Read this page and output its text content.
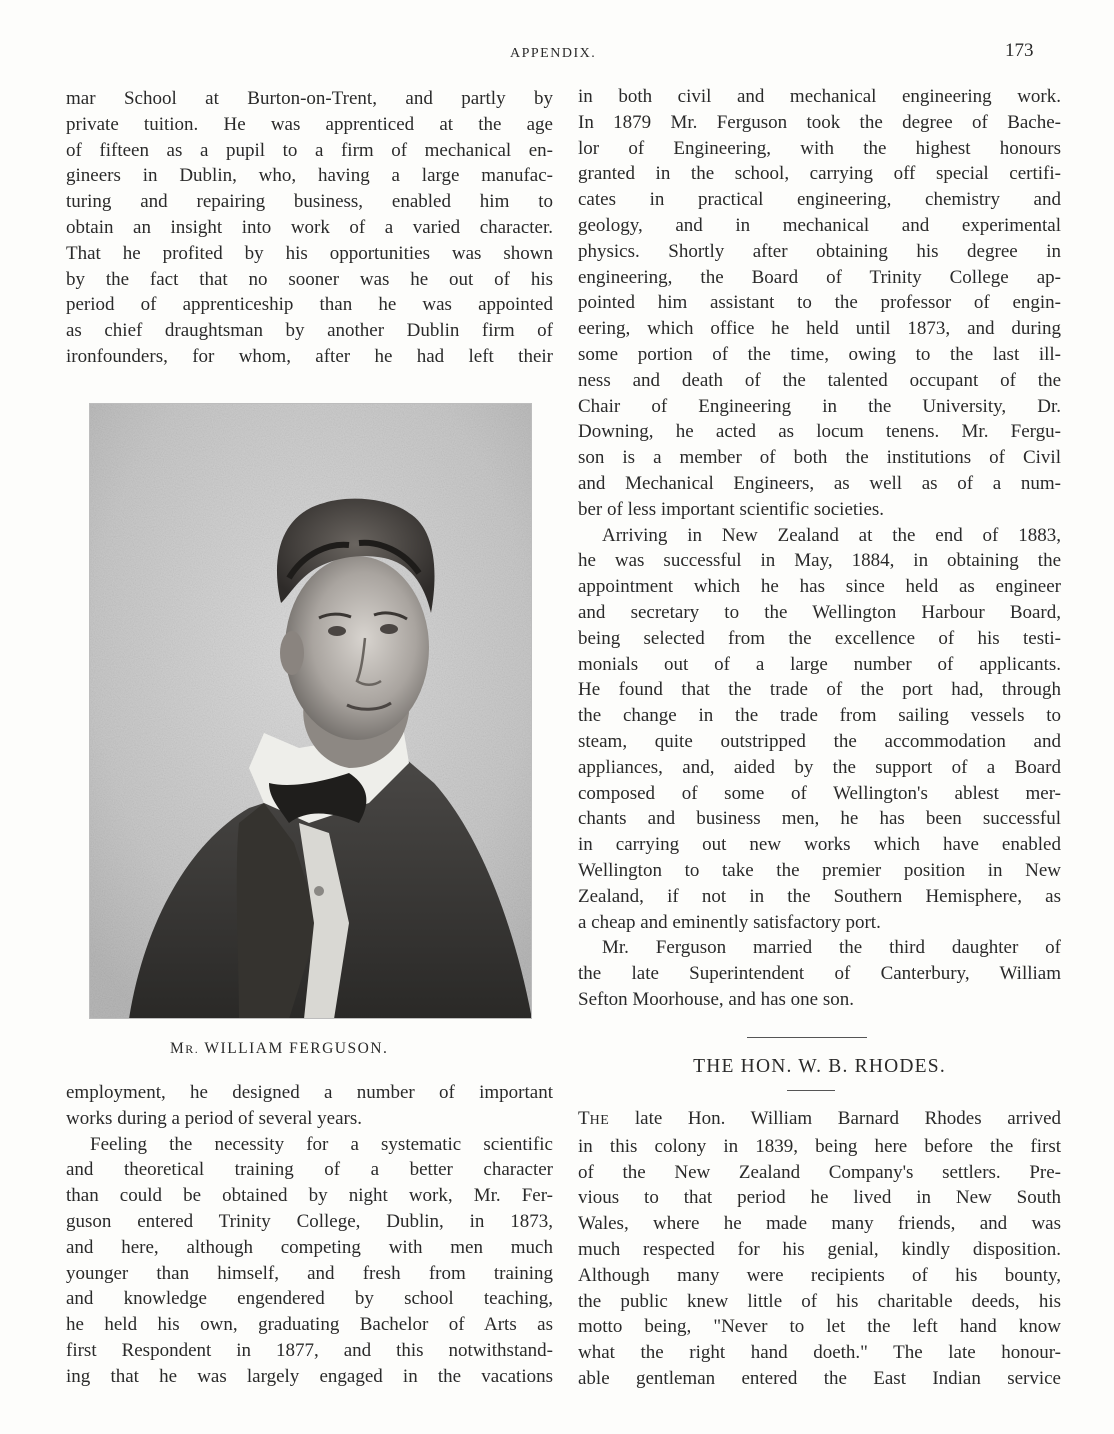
APPENDIX.	173

mar School at Burton-on-Trent, and partly by
private tuition. He was apprenticed at the age
of fifteen as a pupil to a firm of mechanical en-
gineers in Dublin, who, having a large manufac-
turing and repairing business, enabled him to
obtain an insight into work of a varied character.
That he profited by his opportunities was shown
by the fact that no sooner was he out of his
period of apprenticeship than he was appointed
as chief draughtsman by another Dublin firm of
ironfounders, for whom, after he had left their

MR. WILLIAM FERGUSON.

employment, he designed a number of important
works during a period of several years.

Feeling the necessity for a systematic scientific
and theoretical training of a better character
than could be obtained by night work, Mr. Fer-
guson entered Trinity College, Dublin, in 1873,
and here, although competing with men much
younger than himself, and fresh from training
and knowledge engendered by school teaching,
he held his own, graduating Bachelor of Arts as
first Respondent in 1877, and this notwithstand-
ing that he was largely engaged in the vacations

in both civil and mechanical engineering work.
In 1879 Mr. Ferguson took the degree of Bache-
lor of Engineering, with the highest honours
granted in the school, carrying off special certifi-
cates in practical engineering, chemistry and
geology, and in mechanical and experimental
physics. Shortly after obtaining his degree in
engineering, the Board of Trinity College ap-
pointed him assistant to the professor of engin-
eering, which office he held until 1873, and during
some portion of the time, owing to the last ill-
ness and death of the talented occupant of the
Chair of Engineering in the University, Dr.
Downing, he acted as locum tenens. Mr. Fergu-
son is a member of both the institutions of Civil
and Mechanical Engineers, as well as of a num-
ber of less important scientific societies.

Arriving in New Zealand at the end of 1883,
he was successful in May, 1884, in obtaining the
appointment which he has since held as engineer
and secretary to the Wellington Harbour Board,
being selected from the excellence of his testi-
monials out of a large number of applicants.
He found that the trade of the port had, through
the change in the trade from sailing vessels to
steam, quite outstripped the accommodation and
appliances, and, aided by the support of a Board
composed of some of Wellington's ablest mer-
chants and business men, he has been successful
in carrying out new works which have enabled
Wellington to take the premier position in New
Zealand, if not in the Southern Hemisphere, as
a cheap and eminently satisfactory port.

Mr. Ferguson married the third daughter of
the late Superintendent of Canterbury, William
Sefton Moorhouse, and has one son.

THE HON. W. B. RHODES.

THE late Hon. William Barnard Rhodes arrived
in this colony in 1839, being here before the first
of the New Zealand Company's settlers. Pre-
vious to that period he lived in New South
Wales, where he made many friends, and was
much respected for his genial, kindly disposition.
Although many were recipients of his bounty,
the public knew little of his charitable deeds, his
motto being, "Never to let the left hand know
what the right hand doeth." The late honour-
able gentleman entered the East Indian service
